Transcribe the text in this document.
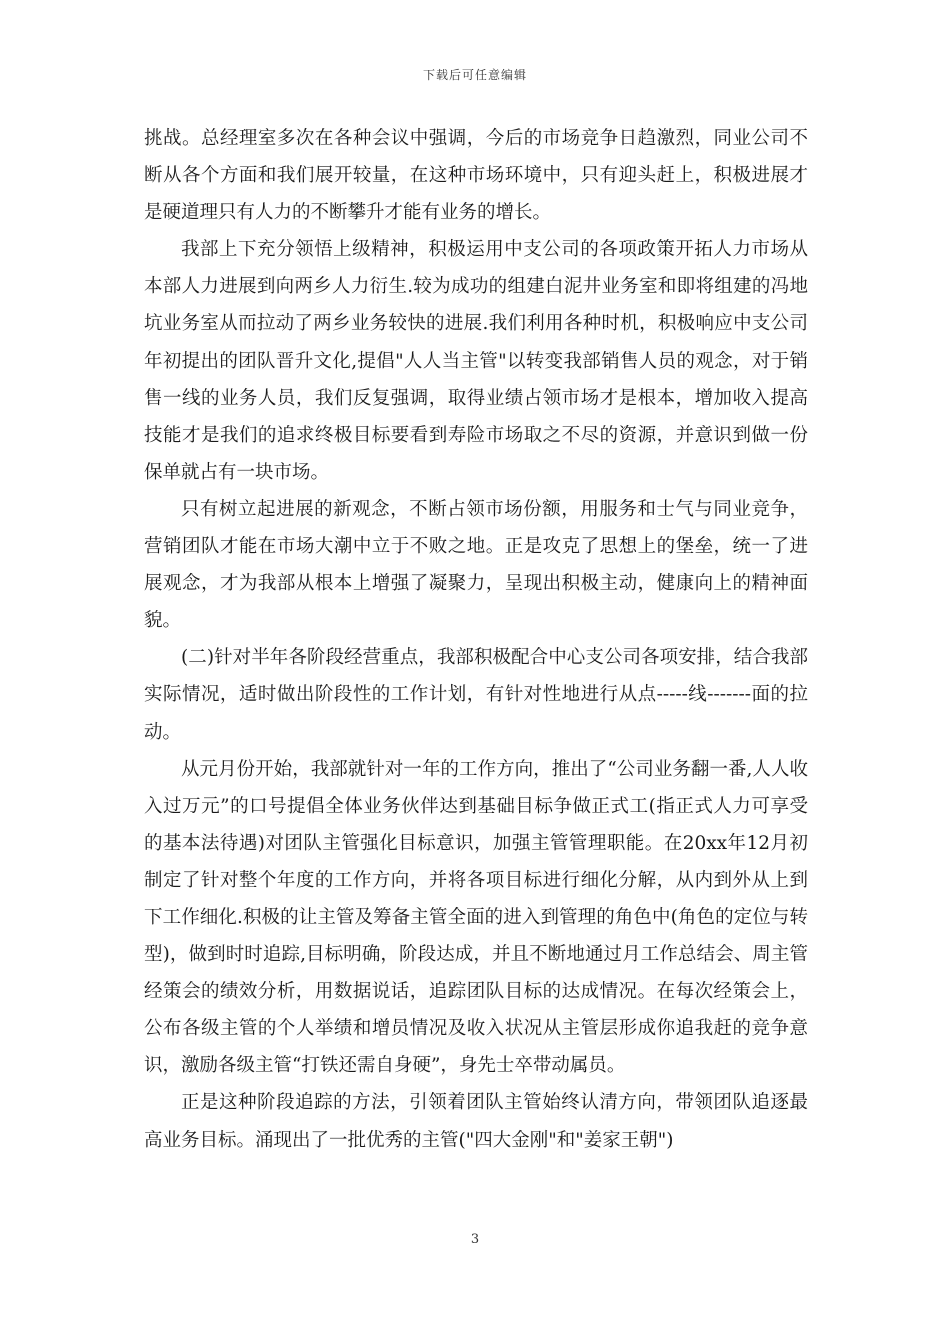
下载后可任意编辑

挑战。总经理室多次在各种会议中强调，今后的市场竞争日趋激烈，同业公司不断从各个方面和我们展开较量，在这种市场环境中，只有迎头赶上，积极进展才是硬道理只有人力的不断攀升才能有业务的增长。

我部上下充分领悟上级精神，积极运用中支公司的各项政策开拓人力市场从本部人力进展到向两乡人力衍生.较为成功的组建白泥井业务室和即将组建的冯地坑业务室从而拉动了两乡业务较快的进展.我们利用各种时机，积极响应中支公司年初提出的团队晋升文化,提倡"人人当主管"以转变我部销售人员的观念，对于销售一线的业务人员，我们反复强调，取得业绩占领市场才是根本，增加收入提高技能才是我们的追求终极目标要看到寿险市场取之不尽的资源，并意识到做一份保单就占有一块市场。

只有树立起进展的新观念，不断占领市场份额，用服务和士气与同业竞争，营销团队才能在市场大潮中立于不败之地。正是攻克了思想上的堡垒，统一了进展观念，才为我部从根本上增强了凝聚力，呈现出积极主动，健康向上的精神面貌。

(二)针对半年各阶段经营重点，我部积极配合中心支公司各项安排，结合我部实际情况，适时做出阶段性的工作计划，有针对性地进行从点-----线-------面的拉动。

从元月份开始，我部就针对一年的工作方向，推出了“公司业务翻一番,人人收入过万元”的口号提倡全体业务伙伴达到基础目标争做正式工(指正式人力可享受的基本法待遇)对团队主管强化目标意识，加强主管管理职能。在20xx年12月初制定了针对整个年度的工作方向，并将各项目标进行细化分解，从内到外从上到下工作细化.积极的让主管及筹备主管全面的进入到管理的角色中(角色的定位与转型)，做到时时追踪,目标明确，阶段达成，并且不断地通过月工作总结会、周主管经策会的绩效分析，用数据说话，追踪团队目标的达成情况。在每次经策会上，公布各级主管的个人举绩和增员情况及收入状况从主管层形成你追我赶的竞争意识，激励各级主管“打铁还需自身硬”，身先士卒带动属员。

正是这种阶段追踪的方法，引领着团队主管始终认清方向，带领团队追逐最高业务目标。涌现出了一批优秀的主管("四大金刚"和"姜家王朝")

3
